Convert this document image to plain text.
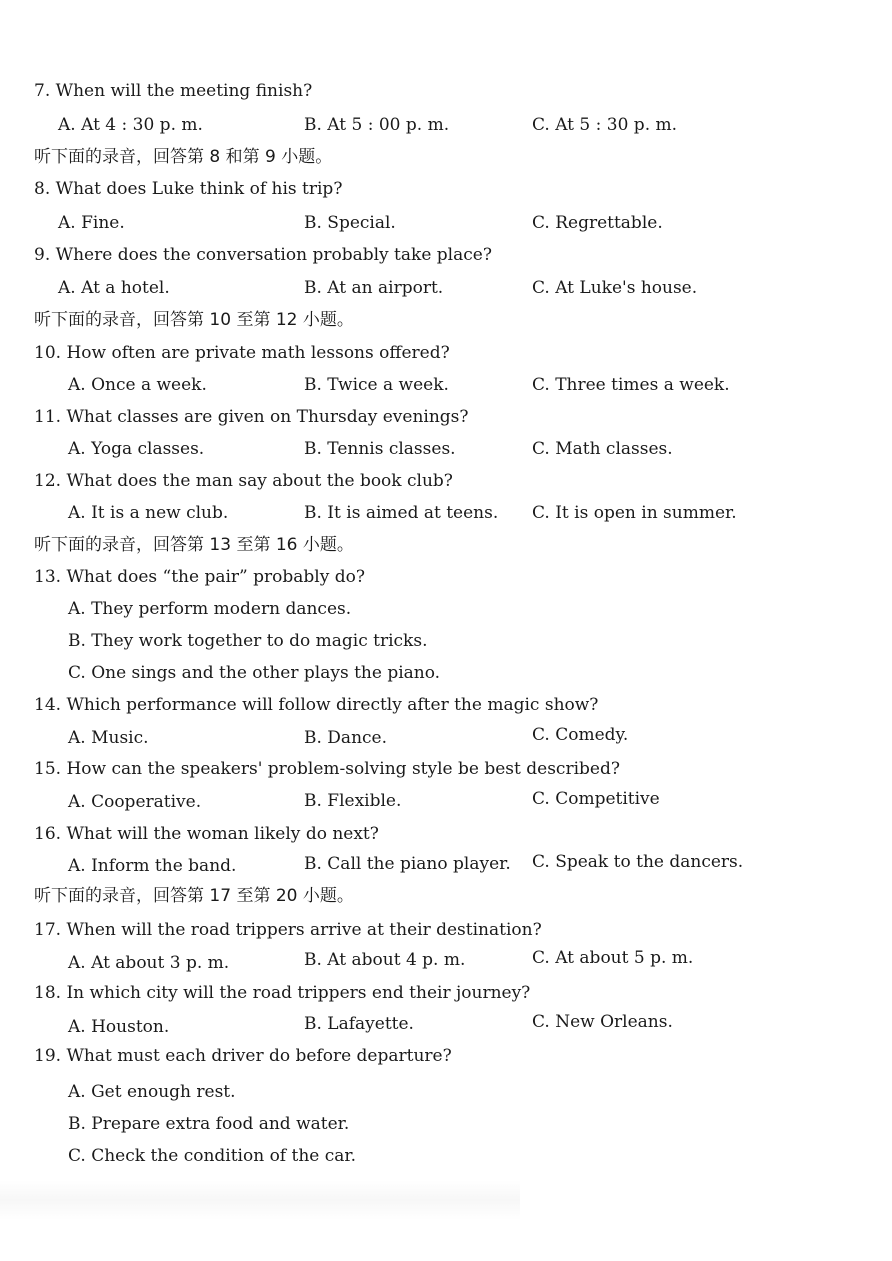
7. When will the meeting finish?
A. At 4 : 30 p. m.	B. At 5 : 00 p. m.	C. At 5 : 30 p. m.
听下面的录音，回答第 8 和第 9 小题。
8. What does Luke think of his trip?
A. Fine.	B. Special.	C. Regrettable.
9. Where does the conversation probably take place?
A. At a hotel.	B. At an airport.	C. At Luke's house.
听下面的录音，回答第 10 至第 12 小题。
10. How often are private math lessons offered?
A. Once a week.	B. Twice a week.	C. Three times a week.
11. What classes are given on Thursday evenings?
A. Yoga classes.	B. Tennis classes.	C. Math classes.
12. What does the man say about the book club?
A. It is a new club.	B. It is aimed at teens. C. It is open in summer.
听下面的录音，回答第 13 至第 16 小题。
13. What does “the pair” probably do?
A. They perform modern dances.
B. They work together to do magic tricks.
C. One sings and the other plays the piano.
14. Which performance will follow directly after the magic show?
A. Music.	B. Dance.	C. Comedy.
15. How can the speakers' problem-solving style be best described?
A. Cooperative.	B. Flexible.	C. Competitive
16. What will the woman likely do next?
A. Inform the band.	B. Call the piano player. C. Speak to the dancers.
听下面的录音，回答第 17 至第 20 小题。
17. When will the road trippers arrive at their destination?
A. At about 3 p. m.	B. At about 4 p. m.	C. At about 5 p. m.
18. In which city will the road trippers end their journey?
A. Houston.	B. Lafayette.	C. New Orleans.
19. What must each driver do before departure?
A. Get enough rest.
B. Prepare extra food and water.
C. Check the condition of the car.
